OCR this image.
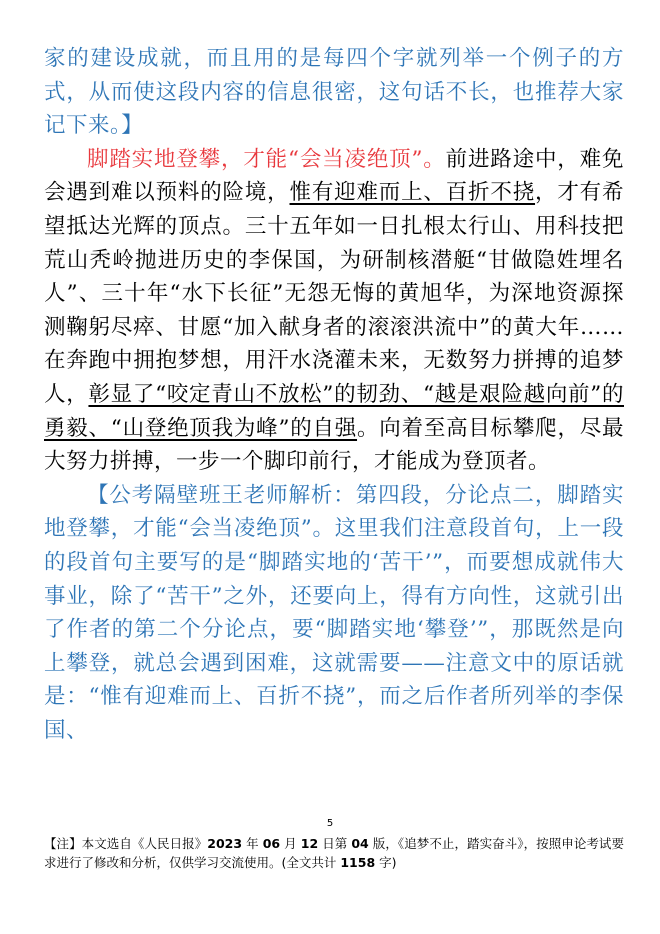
家的建设成就，而且用的是每四个字就列举一个例子的方式，从而使这段内容的信息很密，这句话不长，也推荐大家记下来。】

脚踏实地登攀，才能“会当凌绝顶”。前进路途中，难免会遇到难以预料的险境，惟有迎难而上、百折不挠，才有希望抵达光辉的顶点。三十五年如一日扎根太行山、用科技把荒山秃岭抛进历史的李保国，为研制核潜艇“甘做隐姓埋名人”、三十年“水下长征”无怨无悔的黄旭华，为深地资源探测鞠躬尽瘁、甘愿“加入献身者的滚滚洪流中”的黄大年……在奔跑中拥抱梦想，用汗水浇灌未来，无数努力拼搏的追梦人，彰显了“咬定青山不放松”的韧劲、“越是艰险越向前”的勇毅、“山登绝顶我为峰”的自强。向着至高目标攀爬，尽最大努力拼搏，一步一个脚印前行，才能成为登顶者。

【公考隔壁班王老师解析：第四段，分论点二，脚踏实地登攀，才能“会当凌绝顶”。这里我们注意段首句，上一段的段首句主要写的是“脚踏实地的‘苦干’”，而要想成就伟大事业，除了“苦干”之外，还要向上，得有方向性，这就引出了作者的第二个分论点，要“脚踏实地‘攀登’”，那既然是向上攀登，就总会遇到困难，这就需要——注意文中的原话就是：“惟有迎难而上、百折不挠”，而之后作者所列举的李保国、

5
【注】本文选自《人民日报》2023 年 06 月 12 日第 04 版，《追梦不止，踏实奋斗》，按照申论考试要求进行了修改和分析，仅供学习交流使用。(全文共计 1158 字)
